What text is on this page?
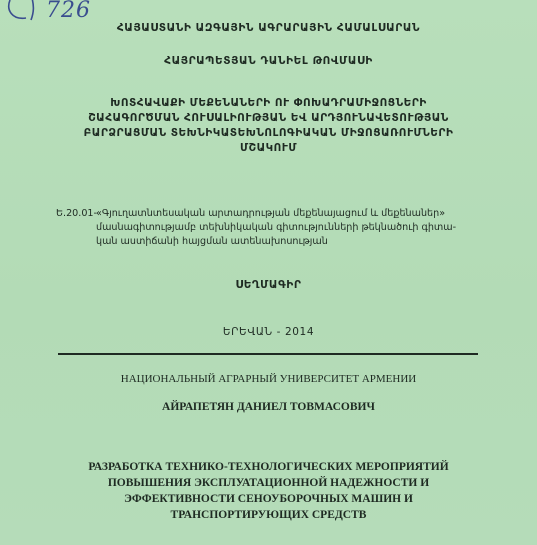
726
ՀԱՅԱՍՏԱՆԻ ԱԶԳԱՅԻՆ ԱԳՐԱՐԱՅԻՆ ՀԱՄԱԼՍԱՐԱՆ
ՀԱՅՐԱՊԵՏՅԱՆ ԴԱՆԻԵԼ ԹՈՎՄԱՍԻ
ԽՈՏՀԱՎԱՔԻ ՄԵՔԵՆԱՆԵՐԻ ՈՒ ՓՈԽԱԴՐԱՄԻՋՈՑՆԵՐԻ
ՇԱՀԱԳՈՐԾՄԱՆ ՀՈՒՍԱԼԻՈՒԹՅԱՆ ԵՎ ԱՐԴՅՈՒՆԱՎԵՏՈՒԹՅԱՆ
ԲԱՐՁՐԱՑՄԱՆ ՏԵԽՆԻԿԱՏԵԽՆՈԼՈԳԻԱԿԱՆ ՄԻՋՈՑԱՌՈՒՄՆԵՐԻ
ՄՇԱԿՈՒՄ
Ե.20.01- «Գյուղատնտեսական արտադրության մեքենայացում և մեքենաներ»
մասնագիտությամբ տեխնիկական գիտությունների թեկնածուի գիտա-
կան աստիճանի հայցման ատենախոսության
ՍԵՂՄԱԳԻՐ
ԵՐԵՎԱՆ - 2014
НАЦИОНАЛЬНЫЙ АГРАРНЫЙ УНИВЕРСИТЕТ АРМЕНИИ
АЙРАПЕТЯН ДАНИЕЛ ТОВМАСОВИЧ
РАЗРАБОТКА ТЕХНИКО-ТЕХНОЛОГИЧЕСКИХ МЕРОПРИЯТИЙ
ПОВЫШЕНИЯ ЭКСПЛУАТАЦИОННОЙ НАДЕЖНОСТИ И
ЭФФЕКТИВНОСТИ СЕНОУБОРОЧНЫХ МАШИН И
ТРАНСПОРТИРУЮЩИХ СРЕДСТВ
